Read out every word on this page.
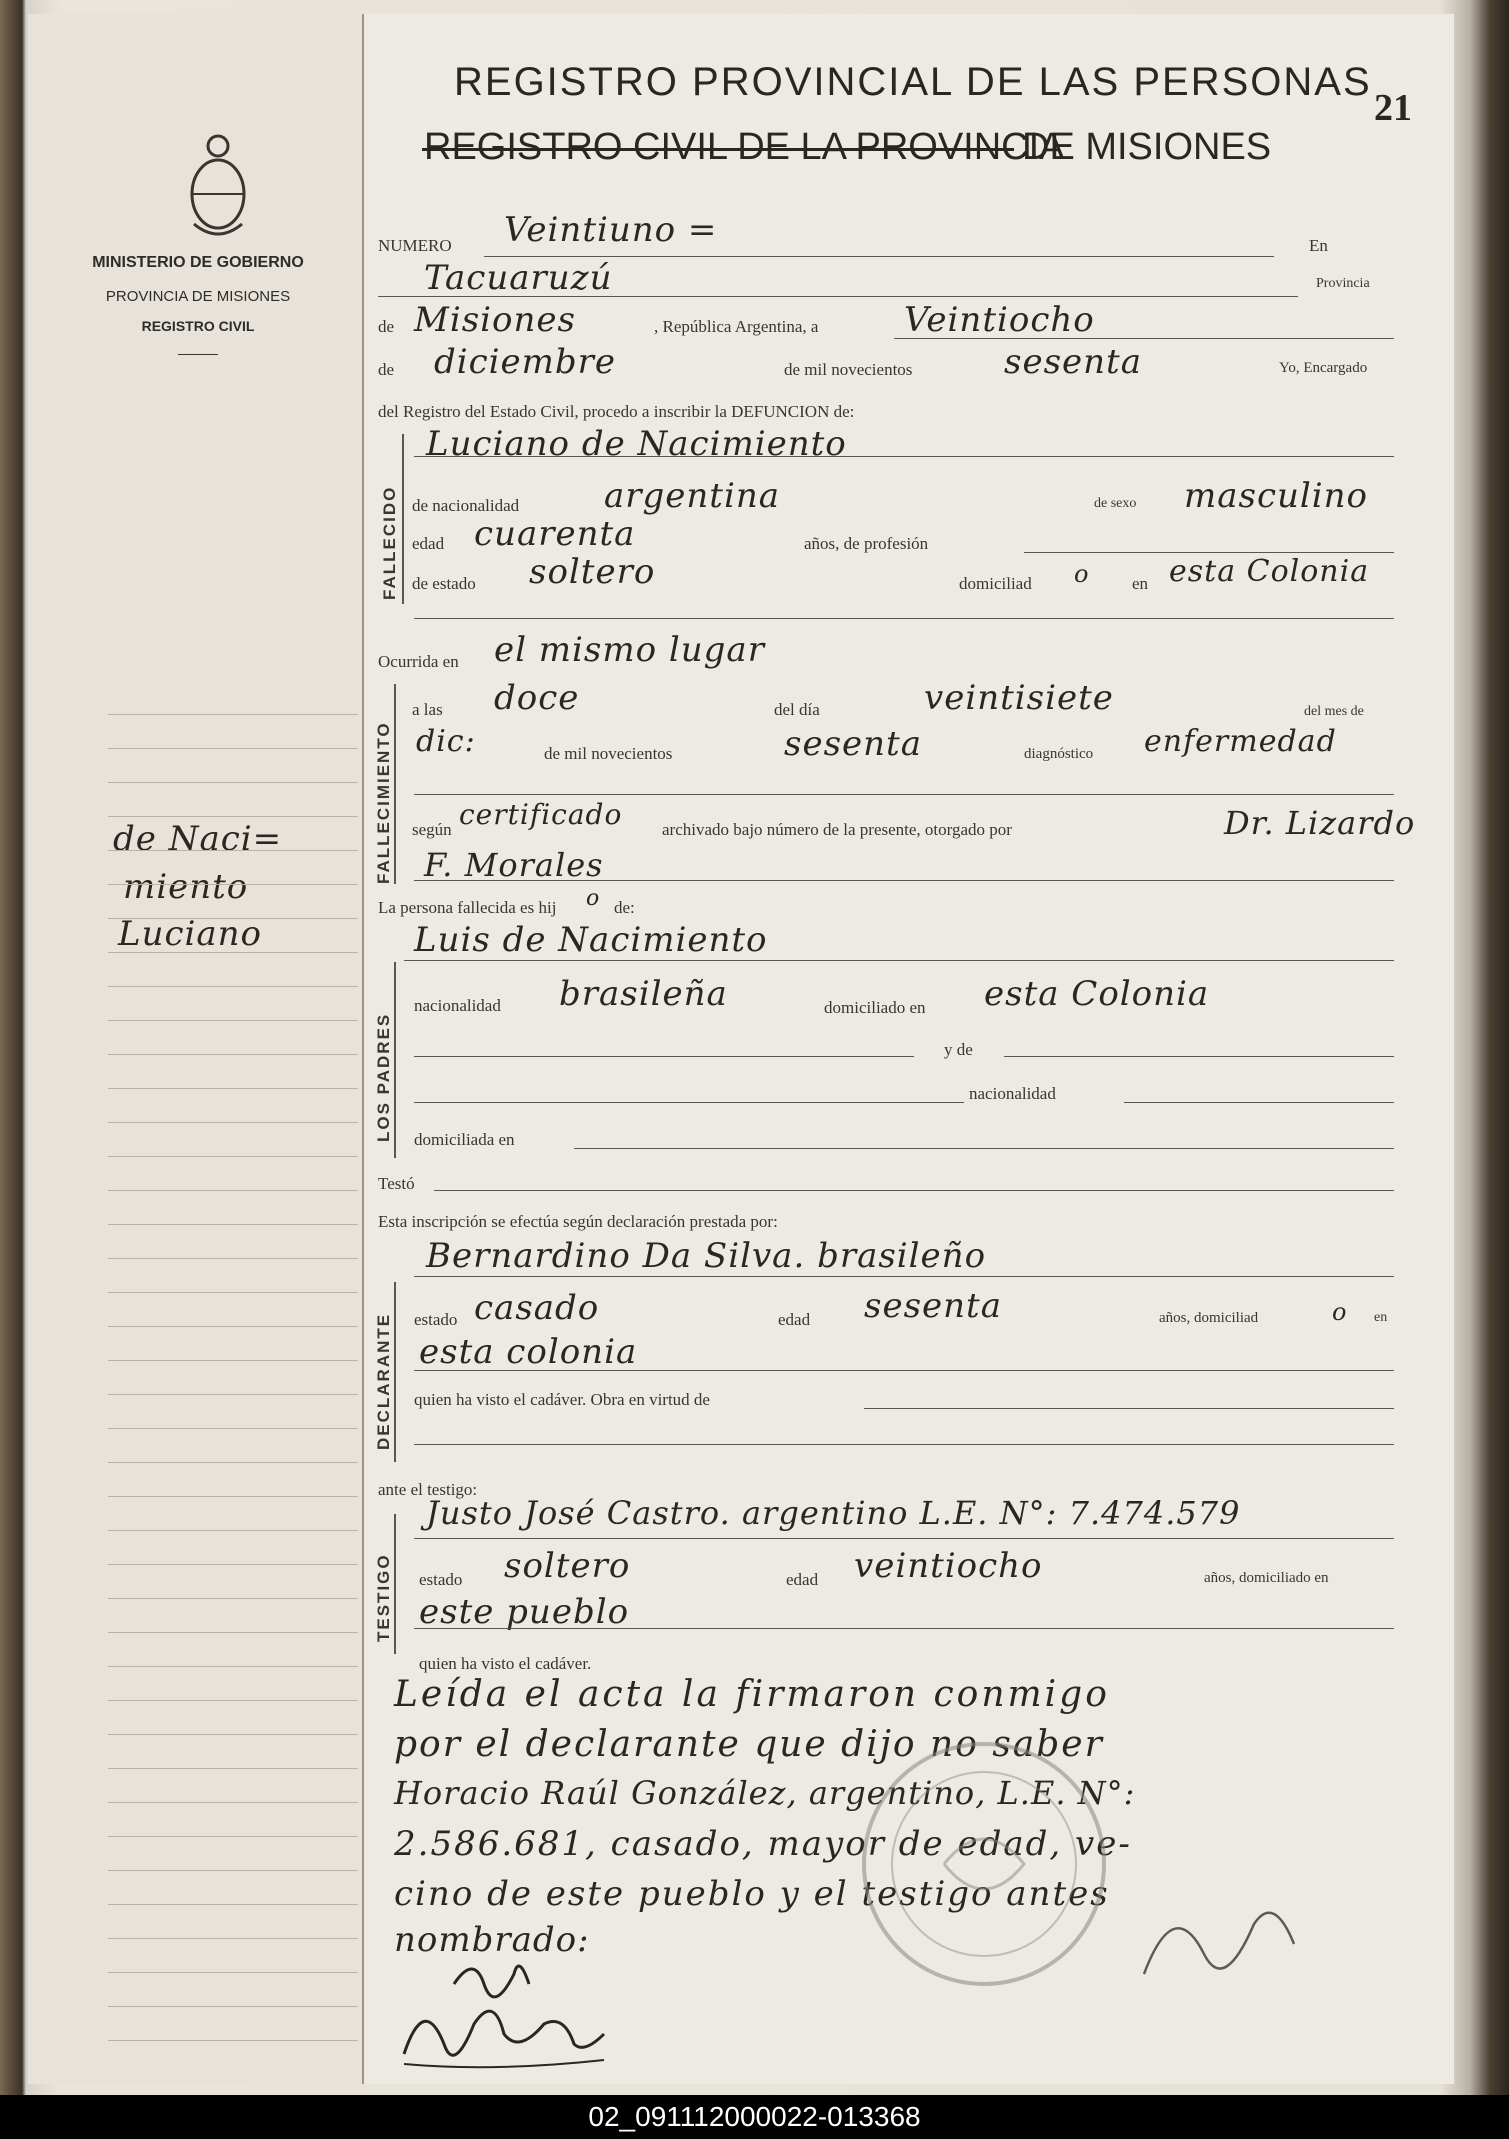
MINISTERIO DE GOBIERNO
PROVINCIA DE MISIONES
REGISTRO CIVIL
de Naci=
miento
Luciano
REGISTRO PROVINCIAL DE LAS PERSONAS
REGISTRO CIVIL DE LA PROVINCIA
DE MISIONES
21
NUMERO Veintiuno =	En
Tacuaruzú	Provincia
de Misiones	, República Argentina, a	Veintiocho
de diciembre	de mil novecientos	sesenta	Yo, Encargado
del Registro del Estado Civil, procedo a inscribir la DEFUNCION de:
FALLECIDO
Luciano de Nacimiento
de nacionalidad argentina	de sexo masculino
edad cuarenta	años, de profesión
de estado soltero	domiciliad o	en esta Colonia
Ocurrida en el mismo lugar
FALLECIMIENTO
a las doce	del día	veintisiete	del mes de
dic:	de mil novecientos	sesenta	diagnóstico enfermedad
según certificado archivado bajo número de la presente, otorgado por	Dr. Lizardo F. Morales
La persona fallecida es hij o de:
LOS PADRES
Luis de Nacimiento
nacionalidad brasileña	domiciliado en esta Colonia
y de
nacionalidad
domiciliada en
Testó
Esta inscripción se efectúa según declaración prestada por:
DECLARANTE
Bernardino Da Silva. brasileño
estado casado	edad sesenta	años, domiciliad	o en
esta colonia
quien ha visto el cadáver. Obra en virtud de
ante el testigo:
TESTIGO
Justo José Castro. argentino L.E. N°: 7.474.579
estado soltero	edad veintiocho	años, domiciliado en
este pueblo
quien ha visto el cadáver.
Leída el acta la firmaron conmigo
por el declarante que dijo no saber
Horacio Raúl González, argentino, L.E. N°:
2.586.681, casado, mayor de edad, ve-
cino de este pueblo y el testigo antes
nombrado:
02_091112000022-013368
